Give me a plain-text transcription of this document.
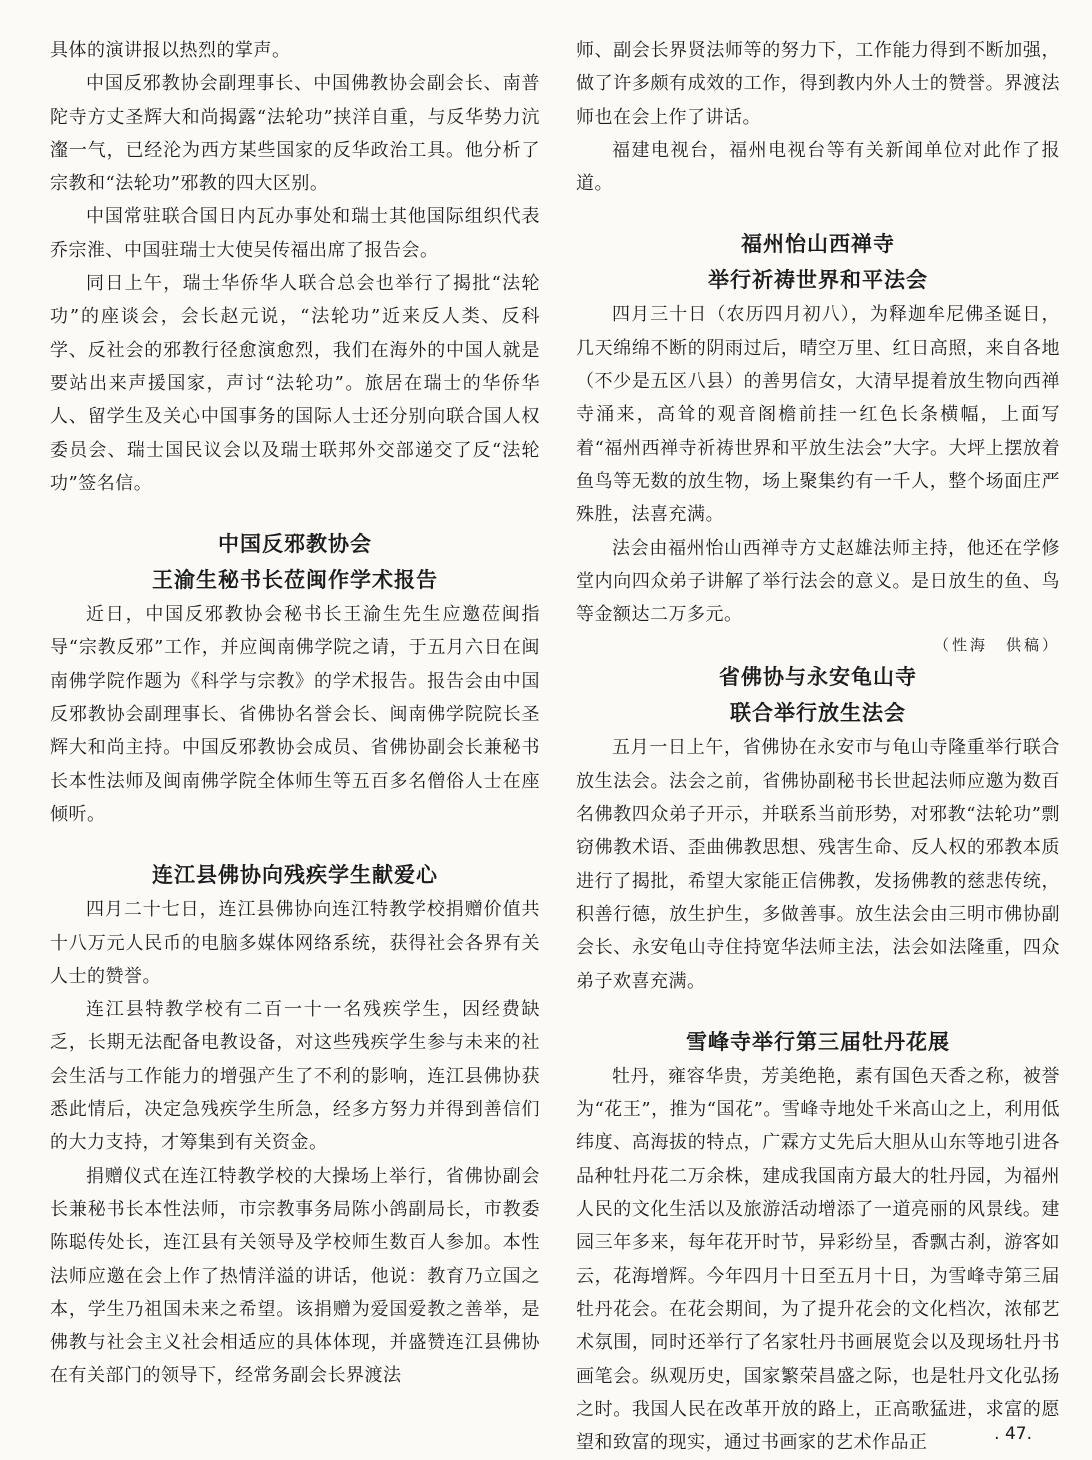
具体的演讲报以热烈的掌声。

中国反邪教协会副理事长、中国佛教协会副会长、南普陀寺方丈圣辉大和尚揭露“法轮功”挟洋自重，与反华势力沆瀣一气，已经沦为西方某些国家的反华政治工具。他分析了宗教和“法轮功”邪教的四大区别。

中国常驻联合国日内瓦办事处和瑞士其他国际组织代表乔宗淮、中国驻瑞士大使吴传福出席了报告会。

同日上午，瑞士华侨华人联合总会也举行了揭批“法轮功”的座谈会，会长赵元说，“法轮功”近来反人类、反科学、反社会的邪教行径愈演愈烈，我们在海外的中国人就是要站出来声援国家，声讨“法轮功”。旅居在瑞士的华侨华人、留学生及关心中国事务的国际人士还分别向联合国人权委员会、瑞士国民议会以及瑞士联邦外交部递交了反“法轮功”签名信。

中国反邪教协会
王渝生秘书长莅闽作学术报告

近日，中国反邪教协会秘书长王渝生先生应邀莅闽指导“宗教反邪”工作，并应闽南佛学院之请，于五月六日在闽南佛学院作题为《科学与宗教》的学术报告。报告会由中国反邪教协会副理事长、省佛协名誉会长、闽南佛学院院长圣辉大和尚主持。中国反邪教协会成员、省佛协副会长兼秘书长本性法师及闽南佛学院全体师生等五百多名僧俗人士在座倾听。

连江县佛协向残疾学生献爱心

四月二十七日，连江县佛协向连江特教学校捐赠价值共十八万元人民币的电脑多媒体网络系统，获得社会各界有关人士的赞誉。

连江县特教学校有二百一十一名残疾学生，因经费缺乏，长期无法配备电教设备，对这些残疾学生参与未来的社会生活与工作能力的增强产生了不利的影响，连江县佛协获悉此情后，决定急残疾学生所急，经多方努力并得到善信们的大力支持，才筹集到有关资金。

捐赠仪式在连江特教学校的大操场上举行，省佛协副会长兼秘书长本性法师，市宗教事务局陈小鸽副局长，市教委陈聪传处长，连江县有关领导及学校师生数百人参加。本性法师应邀在会上作了热情洋溢的讲话，他说：教育乃立国之本，学生乃祖国未来之希望。该捐赠为爱国爱教之善举，是佛教与社会主义社会相适应的具体体现，并盛赞连江县佛协在有关部门的领导下，经常务副会长界渡法

师、副会长界贤法师等的努力下，工作能力得到不断加强，做了许多颇有成效的工作，得到教内外人士的赞誉。界渡法师也在会上作了讲话。

福建电视台，福州电视台等有关新闻单位对此作了报道。

福州怡山西禅寺
举行祈祷世界和平法会

四月三十日（农历四月初八），为释迦牟尼佛圣诞日，几天绵绵不断的阴雨过后，晴空万里、红日高照，来自各地（不少是五区八县）的善男信女，大清早提着放生物向西禅寺涌来，高耸的观音阁檐前挂一红色长条横幅，上面写着“福州西禅寺祈祷世界和平放生法会”大字。大坪上摆放着鱼鸟等无数的放生物，场上聚集约有一千人，整个场面庄严殊胜，法喜充满。

法会由福州怡山西禅寺方丈赵雄法师主持，他还在学修堂内向四众弟子讲解了举行法会的意义。是日放生的鱼、鸟等金额达二万多元。

（性海　供稿）

省佛协与永安龟山寺
联合举行放生法会

五月一日上午，省佛协在永安市与龟山寺隆重举行联合放生法会。法会之前，省佛协副秘书长世起法师应邀为数百名佛教四众弟子开示，并联系当前形势，对邪教“法轮功”剽窃佛教术语、歪曲佛教思想、残害生命、反人权的邪教本质进行了揭批，希望大家能正信佛教，发扬佛教的慈悲传统，积善行德，放生护生，多做善事。放生法会由三明市佛协副会长、永安龟山寺住持宽华法师主法，法会如法隆重，四众弟子欢喜充满。

雪峰寺举行第三届牡丹花展

牡丹，雍容华贵，芳美绝艳，素有国色天香之称，被誉为“花王”，推为“国花”。雪峰寺地处千米高山之上，利用低纬度、高海拔的特点，广霖方丈先后大胆从山东等地引进各品种牡丹花二万余株，建成我国南方最大的牡丹园，为福州人民的文化生活以及旅游活动增添了一道亮丽的风景线。建园三年多来，每年花开时节，异彩纷呈，香飘古刹，游客如云，花海增辉。今年四月十日至五月十日，为雪峰寺第三届牡丹花会。在花会期间，为了提升花会的文化档次，浓郁艺术氛围，同时还举行了名家牡丹书画展览会以及现场牡丹书画笔会。纵观历史，国家繁荣昌盛之际，也是牡丹文化弘扬之时。我国人民在改革开放的路上，正高歌猛进，求富的愿望和致富的现实，通过书画家的艺术作品正	. 47.
